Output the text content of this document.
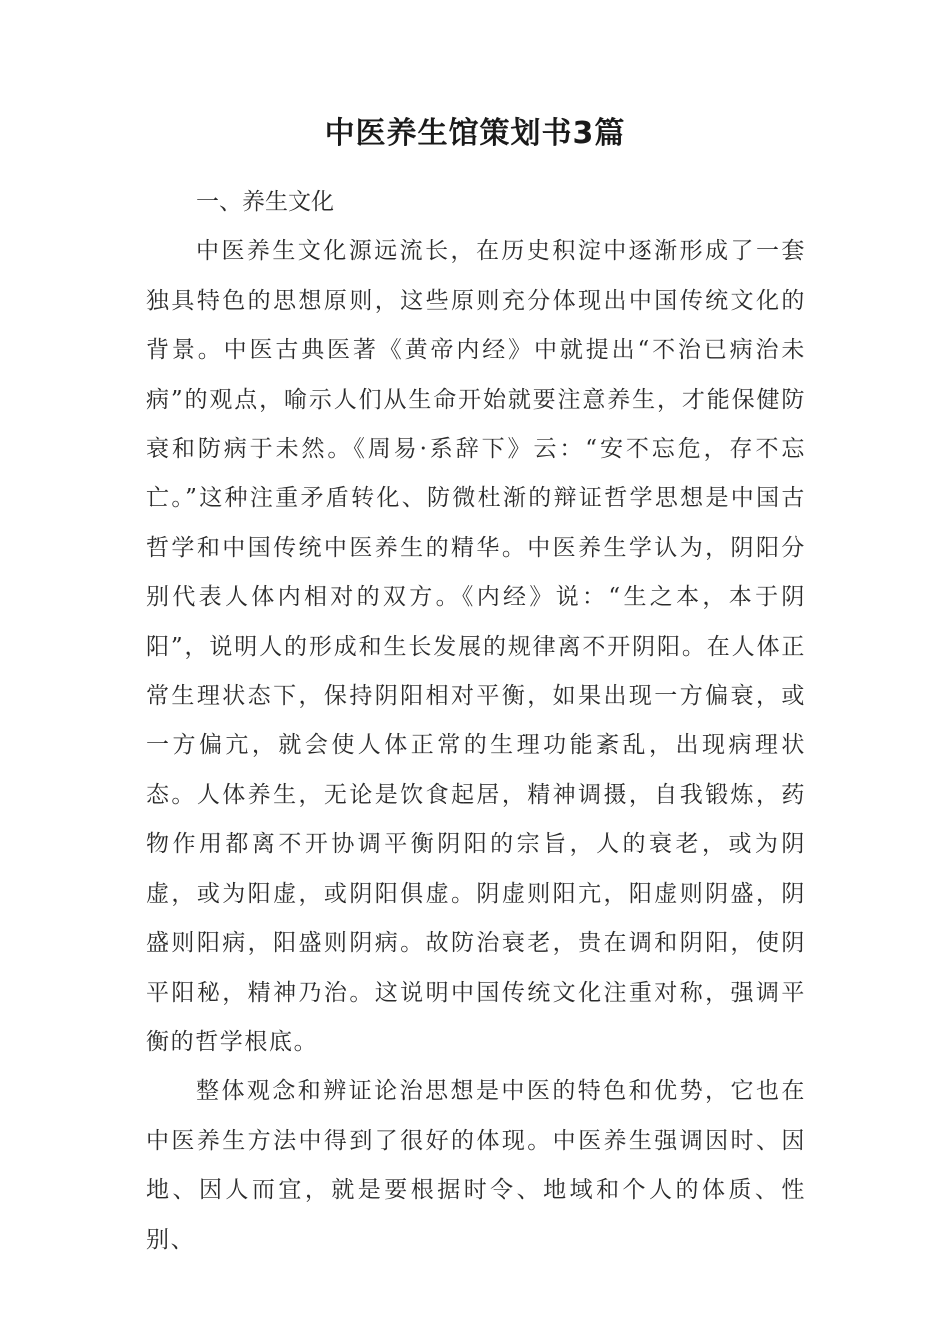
中医养生馆策划书3篇

一、养生文化

中医养生文化源远流长，在历史积淀中逐渐形成了一套独具特色的思想原则，这些原则充分体现出中国传统文化的背景。中医古典医著《黄帝内经》中就提出“不治已病治未病”的观点，喻示人们从生命开始就要注意养生，才能保健防衰和防病于未然。《周易·系辞下》云：“安不忘危，存不忘亡。”这种注重矛盾转化、防微杜渐的辩证哲学思想是中国古哲学和中国传统中医养生的精华。中医养生学认为，阴阳分别代表人体内相对的双方。《内经》说：“生之本，本于阴阳”，说明人的形成和生长发展的规律离不开阴阳。在人体正常生理状态下，保持阴阳相对平衡，如果出现一方偏衰，或一方偏亢，就会使人体正常的生理功能紊乱，出现病理状态。人体养生，无论是饮食起居，精神调摄，自我锻炼，药物作用都离不开协调平衡阴阳的宗旨，人的衰老，或为阴虚，或为阳虚，或阴阳俱虚。阴虚则阳亢，阳虚则阴盛，阴盛则阳病，阳盛则阴病。故防治衰老，贵在调和阴阳，使阴平阳秘，精神乃治。这说明中国传统文化注重对称，强调平衡的哲学根底。

整体观念和辨证论治思想是中医的特色和优势，它也在中医养生方法中得到了很好的体现。中医养生强调因时、因地、因人而宜，就是要根据时令、地域和个人的体质、性别、
